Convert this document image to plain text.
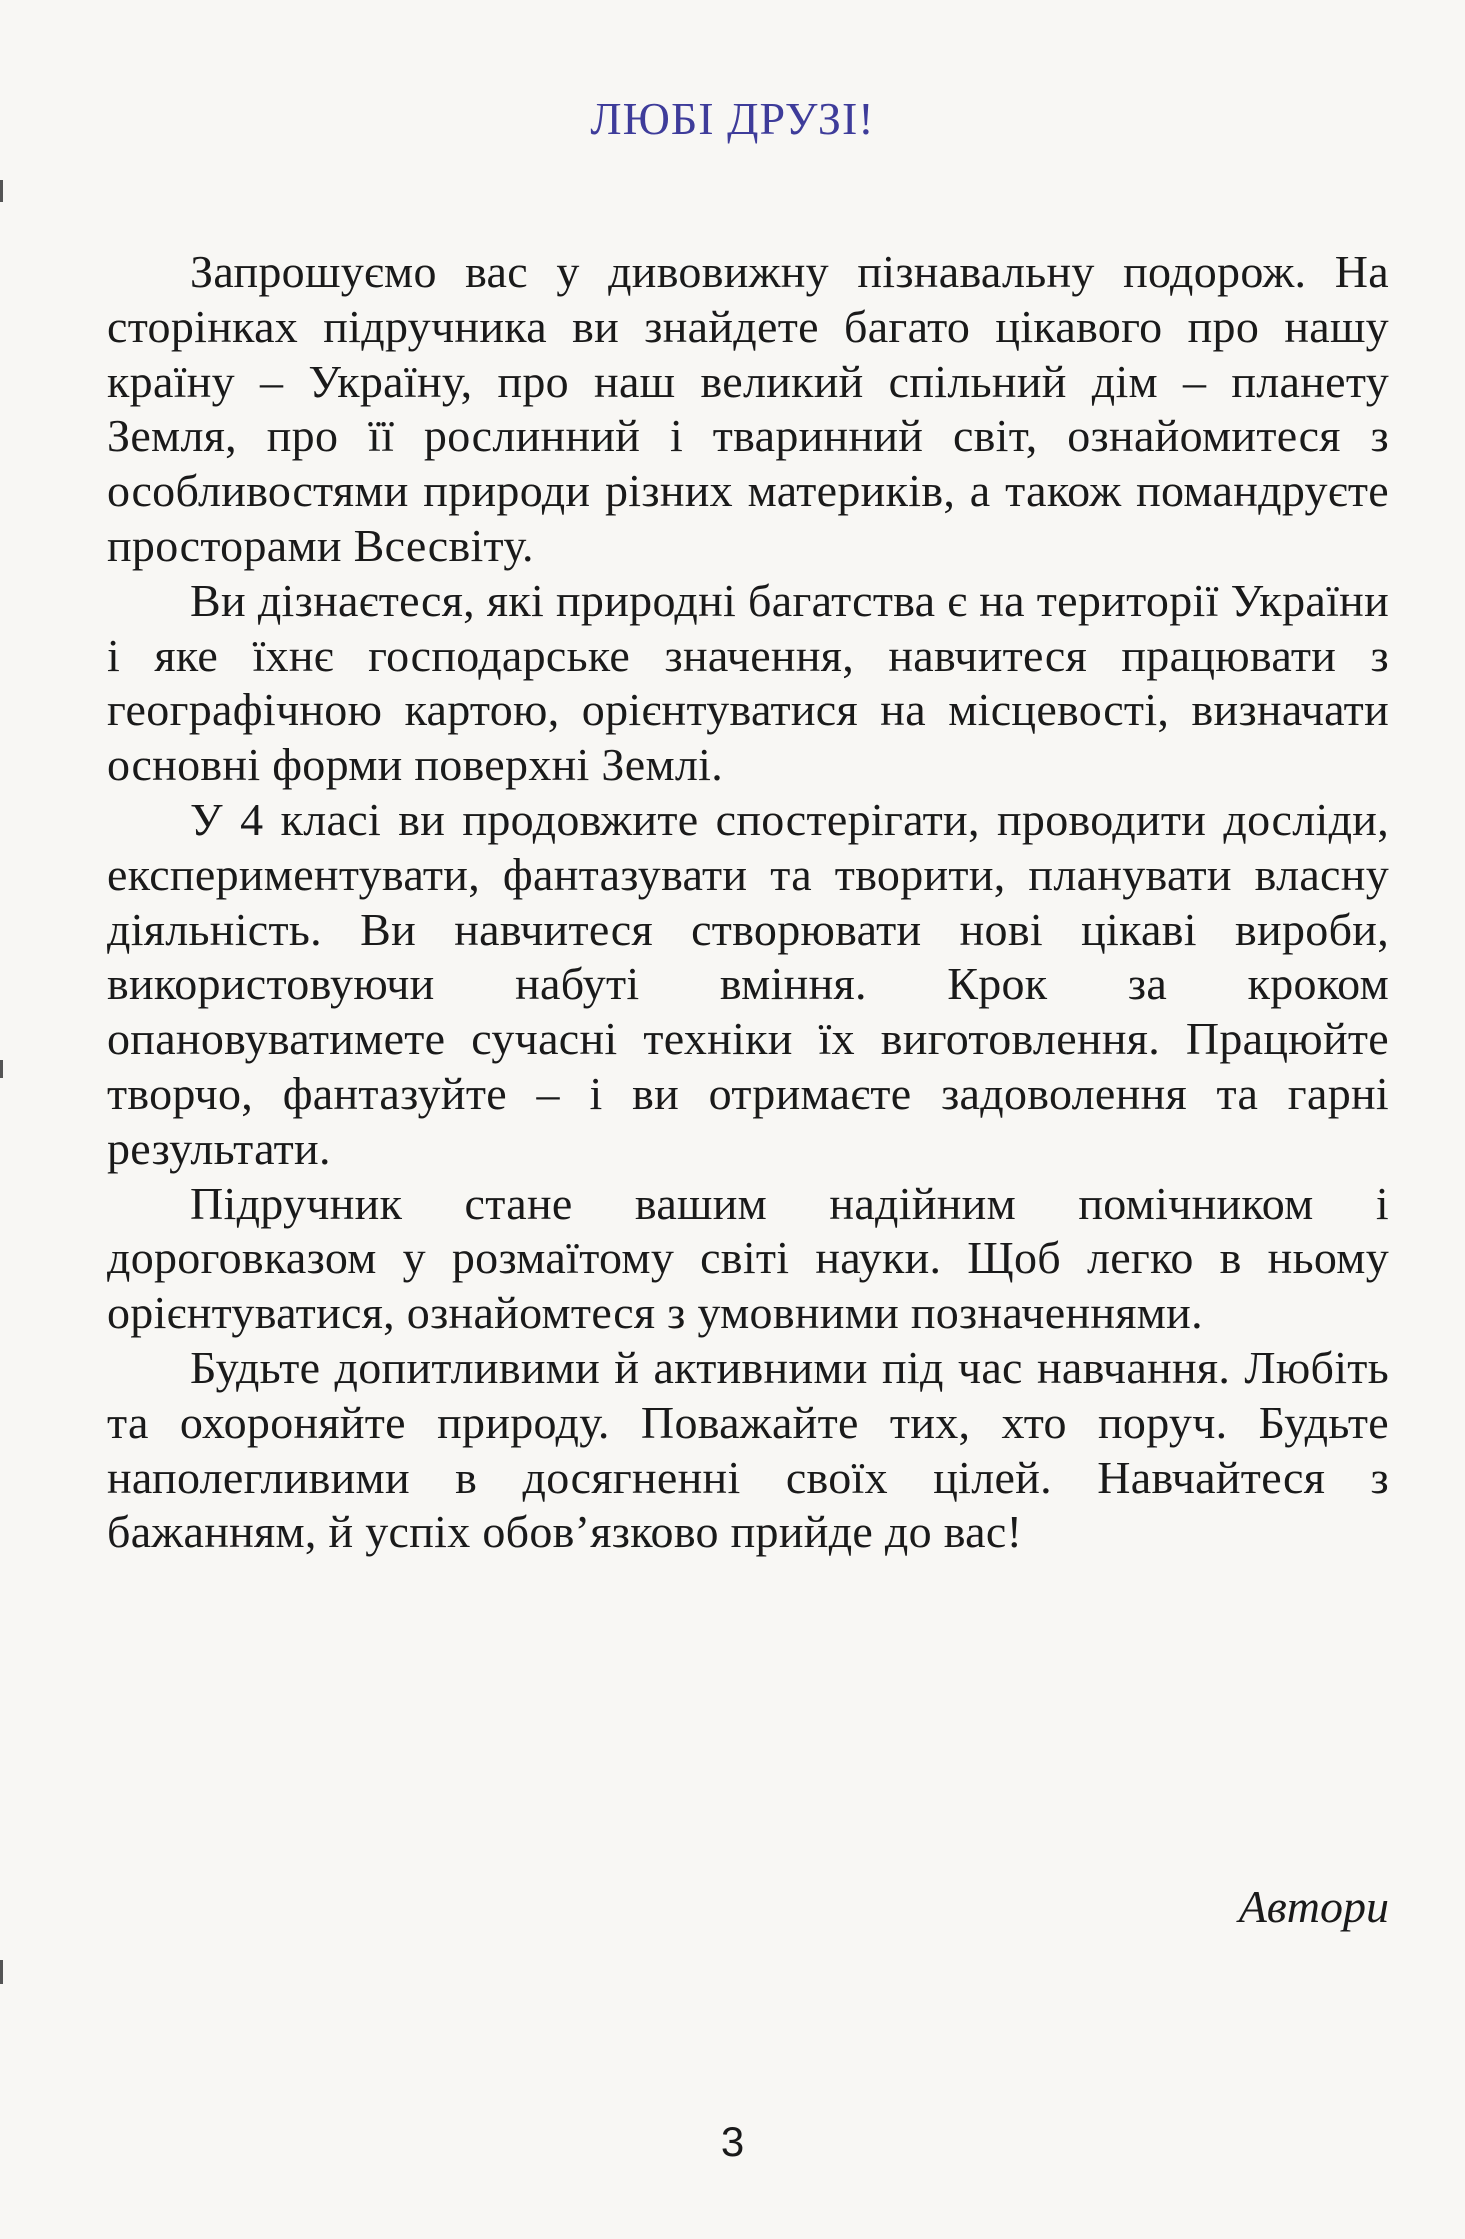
ЛЮБІ ДРУЗІ!

Запрошуємо вас у дивовижну пізнавальну подорож. На сторінках підручника ви знайдете багато цікавого про нашу країну – Україну, про наш великий спільний дім – планету Земля, про її рослинний і тваринний світ, ознайомитеся з особливостями природи різних материків, а також помандруєте просторами Всесвіту.

Ви дізнаєтеся, які природні багатства є на території України і яке їхнє господарське значення, навчитеся працювати з географічною картою, орієнтуватися на місцевості, визначати основні форми поверхні Землі.

У 4 класі ви продовжите спостерігати, проводити досліди, експериментувати, фантазувати та творити, планувати власну діяльність. Ви навчитеся створювати нові цікаві вироби, використовуючи набуті вміння. Крок за кроком опановуватимете сучасні техніки їх виготовлення. Працюйте творчо, фантазуйте – і ви отримаєте задоволення та гарні результати.

Підручник стане вашим надійним помічником і дороговказом у розмаїтому світі науки. Щоб легко в ньому орієнтуватися, ознайомтеся з умовними позначеннями.

Будьте допитливими й активними під час навчання. Любіть та охороняйте природу. Поважайте тих, хто поруч. Будьте наполегливими в досягненні своїх цілей. Навчайтеся з бажанням, й успіх обов’язково прийде до вас!

Автори
3
